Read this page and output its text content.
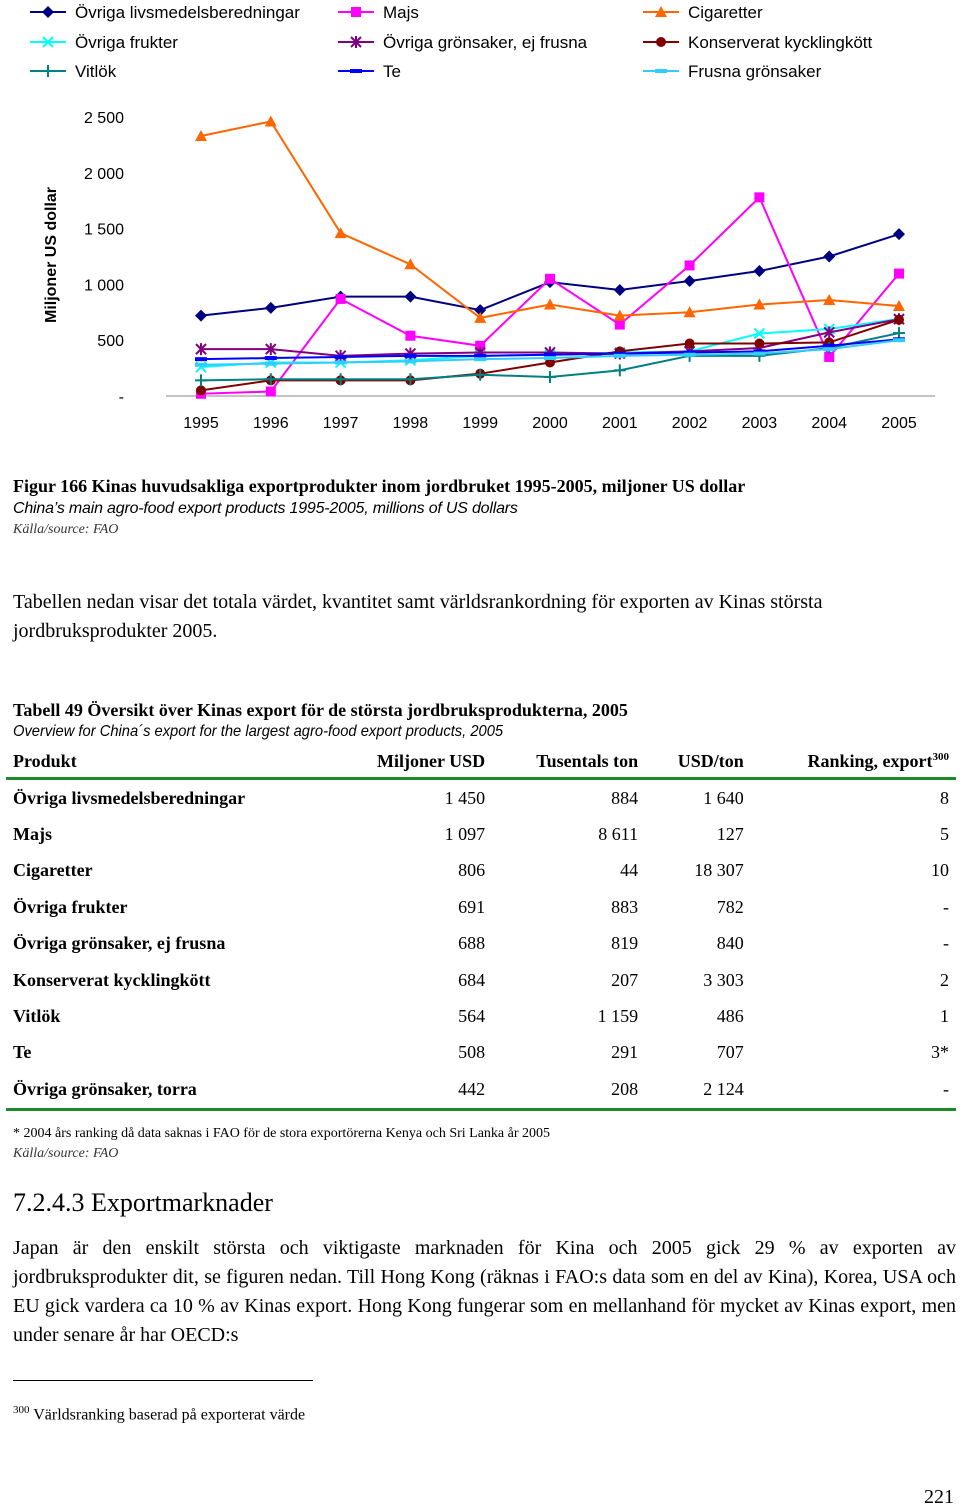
Övriga livsmedelsberedningar	Majs	Cigaretter
Övriga frukter	Övriga grönsaker, ej frusna	Konserverat kycklingkött
Vitlök	Te	Frusna grönsaker
Miljoner US dollar
-
500
1 000
1 500
2 000
2 500
1995 1996 1997 1998 1999 2000 2001 2002 2003 2004 2005
Figur 166 Kinas huvudsakliga exportprodukter inom jordbruket 1995-2005, miljoner US dollar
China’s main agro-food export products 1995-2005, millions of US dollars
Källa/source: FAO
Tabellen nedan visar det totala värdet, kvantitet samt världsrankordning för exporten av Kinas största jordbruksprodukter 2005.
Tabell 49 Översikt över Kinas export för de största jordbruksprodukterna, 2005
Overview for China´s export for the largest agro-food export products, 2005
Produkt	Miljoner USD	Tusentals ton	USD/ton	Ranking, export$^{300}$
Övriga livsmedelsberedningar	1 450	884	1 640	8
Majs	1 097	8 611	127	5
Cigaretter	806	44	18 307	10
Övriga frukter	691	883	782	-
Övriga grönsaker, ej frusna	688	819	840	-
Konserverat kycklingkött	684	207	3 303	2
Vitlök	564	1 159	486	1
Te	508	291	707	3*
Övriga grönsaker, torra	442	208	2 124	-
* 2004 års ranking då data saknas i FAO för de stora exportörerna Kenya och Sri Lanka år 2005
Källa/source: FAO
7.2.4.3 Exportmarknader
Japan är den enskilt största och viktigaste marknaden för Kina och 2005 gick 29 % av exporten av jordbruksprodukter dit, se figuren nedan. Till Hong Kong (räknas i FAO:s data som en del av Kina), Korea, USA och EU gick vardera ca 10 % av Kinas export. Hong Kong fungerar som en mellanhand för mycket av Kinas export, men under senare år har OECD:s
$^{300}$ Världsranking baserad på exporterat värde
221
